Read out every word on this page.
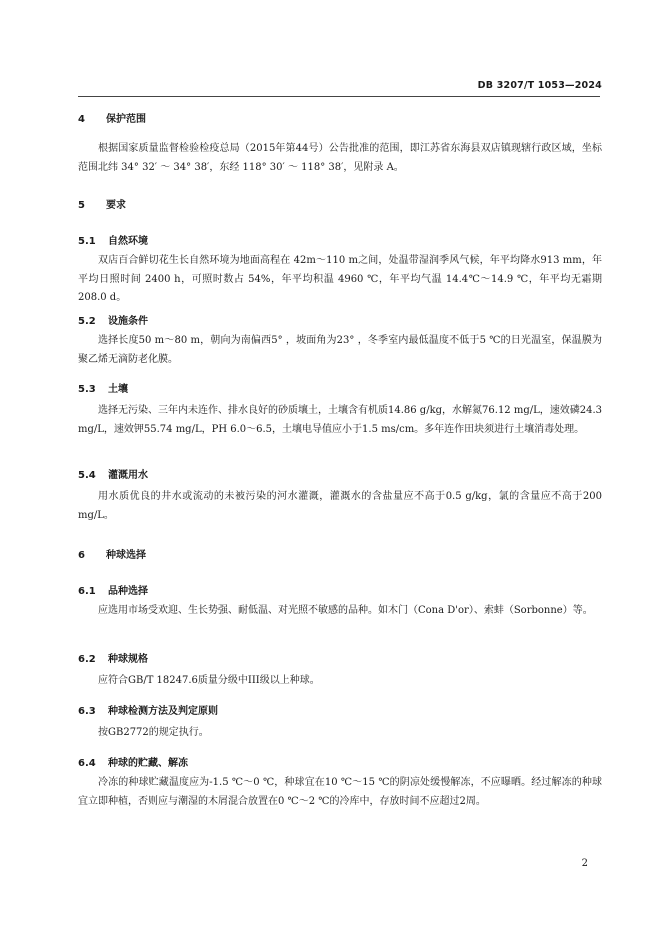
DB 3207/T 1053—2024
4 保护范围
根据国家质量监督检验检疫总局（2015年第44号）公告批准的范围，即江苏省东海县双店镇现辖行政区域，坐标范围北纬 34° 32′ ～ 34° 38′，东经 118° 30′ ～ 118° 38′，见附录 A。
5 要求
5.1 自然环境
双店百合鲜切花生长自然环境为地面高程在 42m～110 m之间，处温带湿润季风气候，年平均降水913 mm，年平均日照时间 2400 h，可照时数占 54%，年平均积温 4960 ℃，年平均气温 14.4℃～14.9 ℃，年平均无霜期 208.0 d。
5.2 设施条件
选择长度50 m～80 m，朝向为南偏西5° ，坡面角为23° ，冬季室内最低温度不低于5 ℃的日光温室，保温膜为聚乙烯无滴防老化膜。
5.3 土壤
选择无污染、三年内未连作、排水良好的砂质壤土，土壤含有机质14.86 g/kg，水解氮76.12 mg/L，速效磷24.3 mg/L，速效钾55.74 mg/L，PH 6.0～6.5，土壤电导值应小于1.5 ms/cm。多年连作田块须进行土壤消毒处理。
5.4 灌溉用水
用水质优良的井水或流动的未被污染的河水灌溉，灌溉水的含盐量应不高于0.5 g/kg，氯的含量应不高于200 mg/L。
6 种球选择
6.1 品种选择
应选用市场受欢迎、生长势强、耐低温、对光照不敏感的品种。如木门（Cona D'or）、索蚌（Sorbonne）等。
6.2 种球规格
应符合GB/T 18247.6质量分级中III级以上种球。
6.3 种球检测方法及判定原则
按GB2772的规定执行。
6.4 种球的贮藏、解冻
冷冻的种球贮藏温度应为-1.5 ℃～0 ℃，种球宜在10 ℃～15 ℃的阴凉处缓慢解冻，不应曝晒。经过解冻的种球宜立即种植，否则应与潮湿的木屑混合放置在0 ℃～2 ℃的冷库中，存放时间不应超过2周。
2
